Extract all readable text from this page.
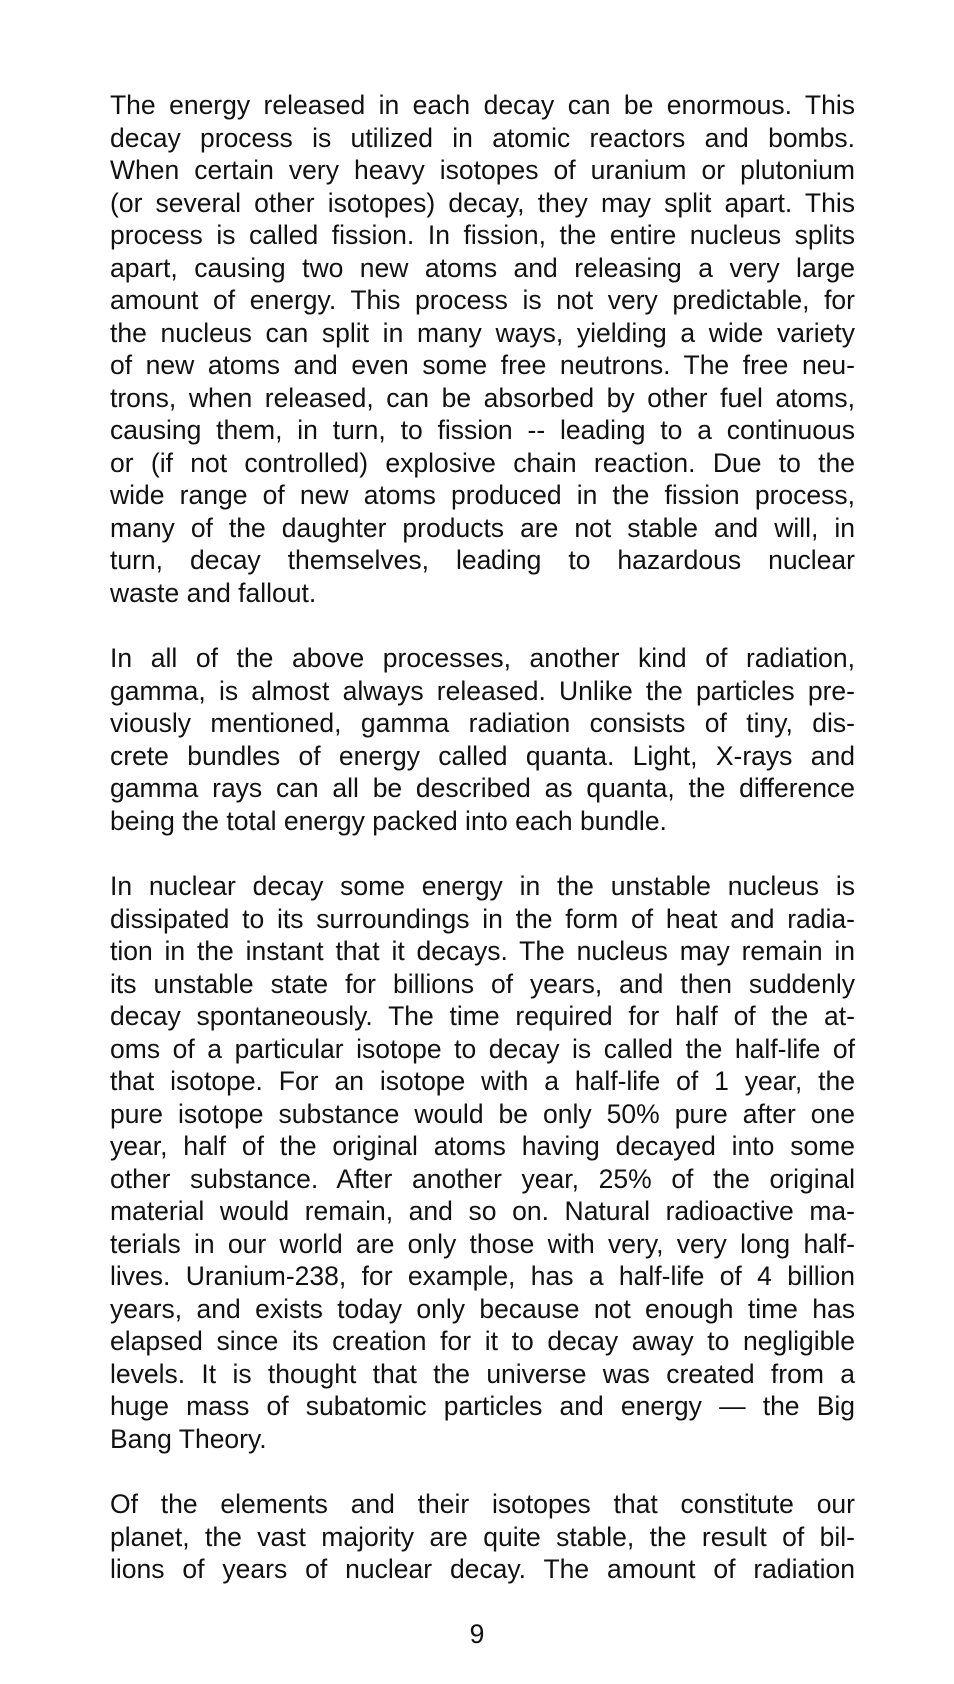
The energy released in each decay can be enormous. This
decay process is utilized in atomic reactors and bombs.
When certain very heavy isotopes of uranium or plutonium
(or several other isotopes) decay, they may split apart. This
process is called fission. In fission, the entire nucleus splits
apart, causing two new atoms and releasing a very large
amount of energy. This process is not very predictable, for
the nucleus can split in many ways, yielding a wide variety
of new atoms and even some free neutrons. The free neu-
trons, when released, can be absorbed by other fuel atoms,
causing them, in turn, to fission -- leading to a continuous
or (if not controlled) explosive chain reaction. Due to the
wide range of new atoms produced in the fission process,
many of the daughter products are not stable and will, in
turn, decay themselves, leading to hazardous nuclear
waste and fallout.
In all of the above processes, another kind of radiation,
gamma, is almost always released. Unlike the particles pre-
viously mentioned, gamma radiation consists of tiny, dis-
crete bundles of energy called quanta. Light, X-rays and
gamma rays can all be described as quanta, the difference
being the total energy packed into each bundle.
In nuclear decay some energy in the unstable nucleus is
dissipated to its surroundings in the form of heat and radia-
tion in the instant that it decays. The nucleus may remain in
its unstable state for billions of years, and then suddenly
decay spontaneously. The time required for half of the at-
oms of a particular isotope to decay is called the half-life of
that isotope. For an isotope with a half-life of 1 year, the
pure isotope substance would be only 50% pure after one
year, half of the original atoms having decayed into some
other substance. After another year, 25% of the original
material would remain, and so on. Natural radioactive ma-
terials in our world are only those with very, very long half-
lives. Uranium-238, for example, has a half-life of 4 billion
years, and exists today only because not enough time has
elapsed since its creation for it to decay away to negligible
levels. It is thought that the universe was created from a
huge mass of subatomic particles and energy — the Big
Bang Theory.
Of the elements and their isotopes that constitute our
planet, the vast majority are quite stable, the result of bil-
lions of years of nuclear decay. The amount of radiation
9
